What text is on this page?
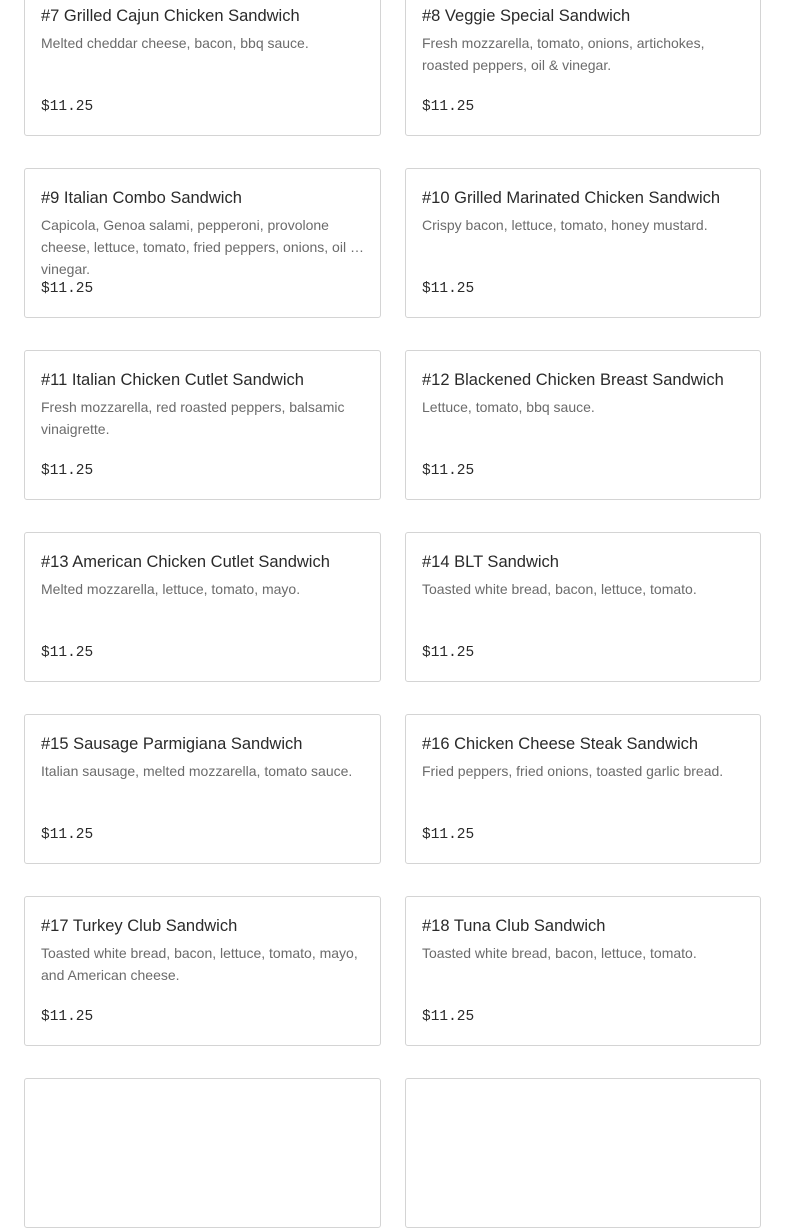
#7 Grilled Cajun Chicken Sandwich

Melted cheddar cheese, bacon, bbq sauce.

$11.25

#8 Veggie Special Sandwich

Fresh mozzarella, tomato, onions, artichokes, roasted peppers, oil & vinegar.

$11.25

#9 Italian Combo Sandwich

Capicola, Genoa salami, pepperoni, provolone cheese, lettuce, tomato, fried peppers, onions, oil & vinegar.

$11.25

#10 Grilled Marinated Chicken Sandwich

Crispy bacon, lettuce, tomato, honey mustard.

$11.25

#11 Italian Chicken Cutlet Sandwich

Fresh mozzarella, red roasted peppers, balsamic vinaigrette.

$11.25

#12 Blackened Chicken Breast Sandwich

Lettuce, tomato, bbq sauce.

$11.25

#13 American Chicken Cutlet Sandwich

Melted mozzarella, lettuce, tomato, mayo.

$11.25

#14 BLT Sandwich

Toasted white bread, bacon, lettuce, tomato.

$11.25

#15 Sausage Parmigiana Sandwich

Italian sausage, melted mozzarella, tomato sauce.

$11.25

#16 Chicken Cheese Steak Sandwich

Fried peppers, fried onions, toasted garlic bread.

$11.25

#17 Turkey Club Sandwich

Toasted white bread, bacon, lettuce, tomato, mayo, and American cheese.

$11.25

#18 Tuna Club Sandwich

Toasted white bread, bacon, lettuce, tomato.

$11.25
